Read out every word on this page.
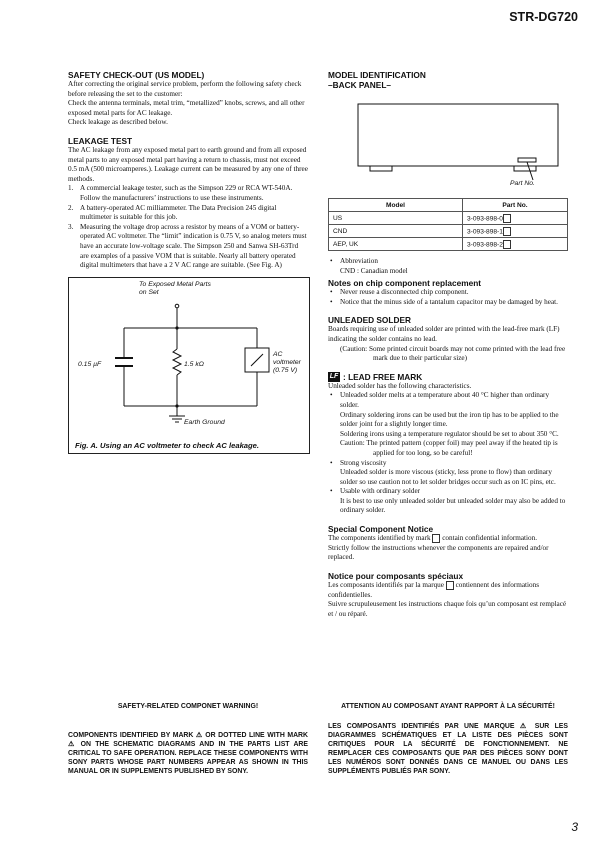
STR-DG720
SAFETY CHECK-OUT (US MODEL)

After correcting the original service problem, perform the following safety check before releasing the set to the customer:

Check the antenna terminals, metal trim, “metallized” knobs, screws, and all other exposed metal parts for AC leakage.

Check leakage as described below.

LEAKAGE TEST

The AC leakage from any exposed metal part to earth ground and from all exposed metal parts to any exposed metal part having a return to chassis, must not exceed 0.5 mA (500 microamperes.). Leakage current can be measured by any one of three methods.

1. A commercial leakage tester, such as the Simpson 229 or RCA WT-540A. Follow the manufacturers’ instructions to use these instruments.
2. A battery-operated AC milliammeter. The Data Precision 245 digital multimeter is suitable for this job.
3. Measuring the voltage drop across a resistor by means of a VOM or battery-operated AC voltmeter. The “limit” indication is 0.75 V, so analog meters must have an accurate low-voltage scale. The Simpson 250 and Sanwa SH-63Trd are examples of a passive VOM that is suitable. Nearly all battery operated digital multimeters that have a 2 V AC range are suitable. (See Fig. A)
To Exposed Metal Parts on Set
0.15 µF	1.5 kΩ
AC voltmeter (0.75 V)
Earth Ground
Fig. A. Using an AC voltmeter to check AC leakage.
MODEL IDENTIFICATION
–BACK PANEL–
Part No.
Model	Part No.
US	3-093-898-0
CND	3-093-898-1
AEP, UK	3-093-898-2
• Abbreviation

CND : Canadian model

Notes on chip component replacement
• Never reuse a disconnected chip component.
• Notice that the minus side of a tantalum capacitor may be damaged by heat.
UNLEADED SOLDER

Boards requiring use of unleaded solder are printed with the lead-free mark (LF) indicating the solder contains no lead.

(Caution: Some printed circuit boards may not come printed with the lead free mark due to their particular size)

LF : LEAD FREE MARK

Unleaded solder has the following characteristics.

• Unleaded solder melts at a temperature about 40 °C higher than ordinary solder.

Ordinary soldering irons can be used but the iron tip has to be applied to the solder joint for a slightly longer time.

Soldering irons using a temperature regulator should be set to about 350 °C.

Caution: The printed pattern (copper foil) may peel away if the heated tip is applied for too long, so be careful!

• Strong viscosity

Unleaded solder is more viscous (sticky, less prone to flow) than ordinary solder so use caution not to let solder bridges occur such as on IC pins, etc.

• Usable with ordinary solder

It is best to use only unleaded solder but unleaded solder may also be added to ordinary solder.

Special Component Notice

The components identified by mark contain confidential information.

Strictly follow the instructions whenever the components are repaired and/or replaced.

Notice pour composants spéciaux

Les composants identifiés par la marque contiennent des informations confidentielles.

Suivre scrupuleusement les instructions chaque fois qu’un composant est remplacé et / ou réparé.

SAFETY-RELATED COMPONET WARNING!
COMPONENTS IDENTIFIED BY MARK ⚠ OR DOTTED LINE WITH MARK ⚠ ON THE SCHEMATIC DIAGRAMS AND IN THE PARTS LIST ARE CRITICAL TO SAFE OPERATION. REPLACE THESE COMPONENTS WITH SONY PARTS WHOSE PART NUMBERS APPEAR AS SHOWN IN THIS MANUAL OR IN SUPPLEMENTS PUBLISHED BY SONY.
ATTENTION AU COMPOSANT AYANT RAPPORT À LA SÉCURITÉ!
LES COMPOSANTS IDENTIFIÉS PAR UNE MARQUE ⚠ SUR LES DIAGRAMMES SCHÉMATIQUES ET LA LISTE DES PIÈCES SONT CRITIQUES POUR LA SÉCURITÉ DE FONCTIONNEMENT. NE REMPLACER CES COMPOSANTS QUE PAR DES PIÈCES SONY DONT LES NUMÉROS SONT DONNÉS DANS CE MANUEL OU DANS LES SUPPLÉMENTS PUBLIÉS PAR SONY.
3
